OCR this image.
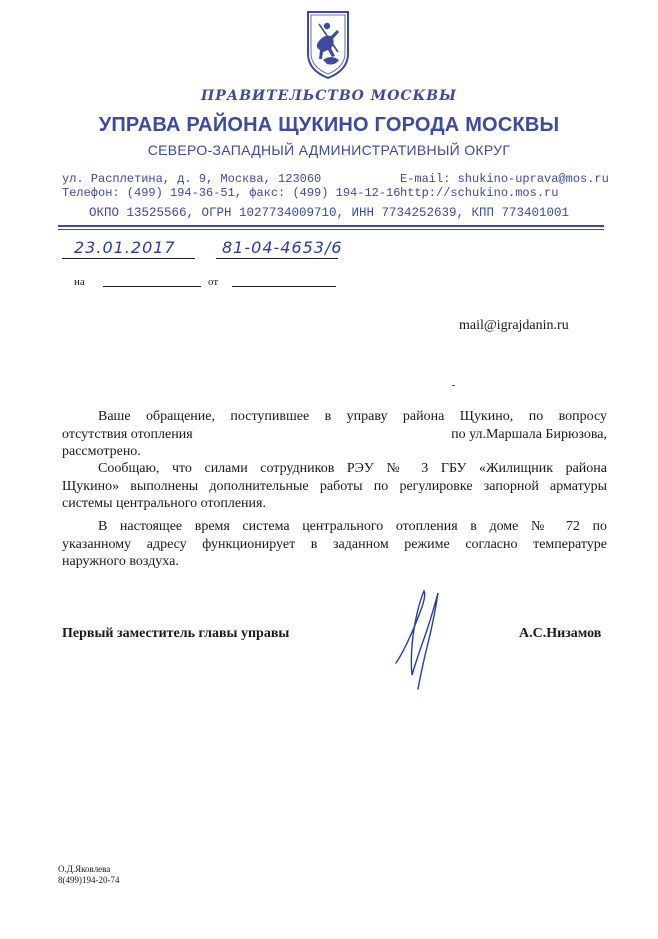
ПРАВИТЕЛЬСТВО МОСКВЫ
УПРАВА РАЙОНА ЩУКИНО ГОРОДА МОСКВЫ
СЕВЕРО-ЗАПАДНЫЙ АДМИНИСТРАТИВНЫЙ ОКРУГ
ул. Расплетина, д. 9, Москва, 123060
Телефон: (499) 194-36-51, факс: (499) 194-12-16
E-mail: shukino-uprava@mos.ru
http://schukino.mos.ru
ОКПО 13525566, ОГРН 1027734009710, ИНН 7734252639, КПП 773401001
23.01.2017	81-04-4653/6
на	от
mail@igrajdanin.ru
Ваше обращение, поступившее в управу района Щукино, по вопросу
отсутствия отопления	по ул.Маршала Бирюзова,
рассмотрено.
Сообщаю, что силами сотрудников РЭУ № 3 ГБУ «Жилищник района
Щукино» выполнены дополнительные работы по регулировке запорной арматуры
системы центрального отопления.
В настоящее время система центрального отопления в доме № 72 по
указанному адресу функционирует в заданном режиме согласно температуре
наружного воздуха.
Первый заместитель главы управы	А.С.Низамов
О.Д.Яковлева
8(499)194-20-74
